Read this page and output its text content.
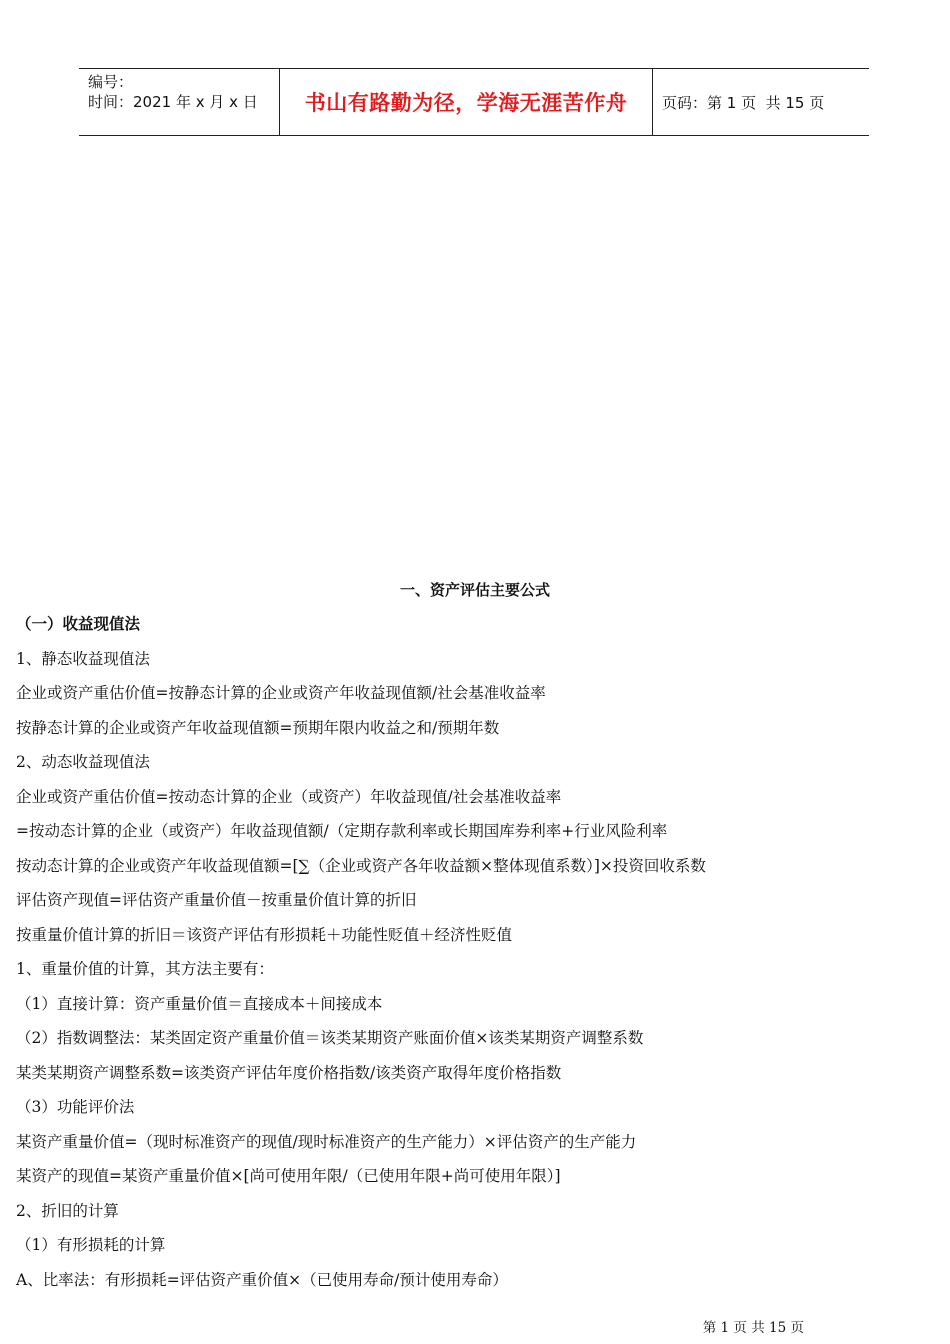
编号：
时间：2021 年 x 月 x 日	书山有路勤为径，学海无涯苦作舟	页码：第 1 页  共 15 页
一、资产评估主要公式
（一）收益现值法
1、静态收益现值法
企业或资产重估价值=按静态计算的企业或资产年收益现值额/社会基准收益率
按静态计算的企业或资产年收益现值额=预期年限内收益之和/预期年数
2、动态收益现值法
企业或资产重估价值=按动态计算的企业（或资产）年收益现值/社会基准收益率
=按动态计算的企业（或资产）年收益现值额/（定期存款利率或长期国库券利率+行业风险利率
按动态计算的企业或资产年收益现值额=[∑（企业或资产各年收益额×整体现值系数）]×投资回收系数
评估资产现值=评估资产重量价值－按重量价值计算的折旧
按重量价值计算的折旧＝该资产评估有形损耗＋功能性贬值＋经济性贬值
1、重量价值的计算，其方法主要有：
（1）直接计算：资产重量价值＝直接成本＋间接成本
（2）指数调整法：某类固定资产重量价值＝该类某期资产账面价值×该类某期资产调整系数
某类某期资产调整系数=该类资产评估年度价格指数/该类资产取得年度价格指数
（3）功能评价法
某资产重量价值=（现时标准资产的现值/现时标准资产的生产能力）×评估资产的生产能力
某资产的现值=某资产重量价值×[尚可使用年限/（已使用年限+尚可使用年限）]
2、折旧的计算
（1）有形损耗的计算
A、比率法：有形损耗=评估资产重价值×（已使用寿命/预计使用寿命）
第 1 页 共 15 页
